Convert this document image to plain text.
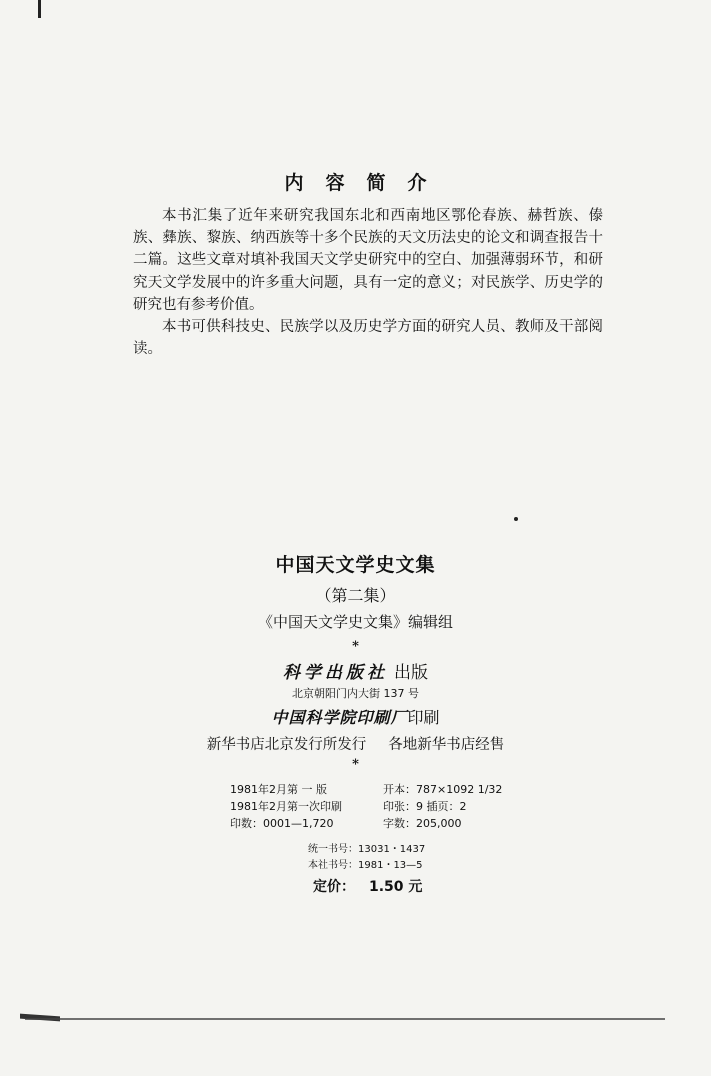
内容简介

本书汇集了近年来研究我国东北和西南地区鄂伦春族、赫哲族、傣族、彝族、黎族、纳西族等十多个民族的天文历法史的论文和调查报告十二篇。这些文章对填补我国天文学史研究中的空白、加强薄弱环节，和研究天文学发展中的许多重大问题，具有一定的意义；对民族学、历史学的研究也有参考价值。

本书可供科技史、民族学以及历史学方面的研究人员、教师及干部阅读。

中国天文学史文集
（第二集）
《中国天文学史文集》编辑组
*
科学出版社 出版
北京朝阳门内大街 137 号
中国科学院印刷厂印刷
新华书店北京发行所发行 各地新华书店经售
*
1981年2月第 一 版	开本：787×1092 1/32
1981年2月第一次印刷	印张：9 插页：2
印数：0001—1,720	字数：205,000
统一书号：13031・1437
本社书号：1981・13—5
定价： 1.50 元
